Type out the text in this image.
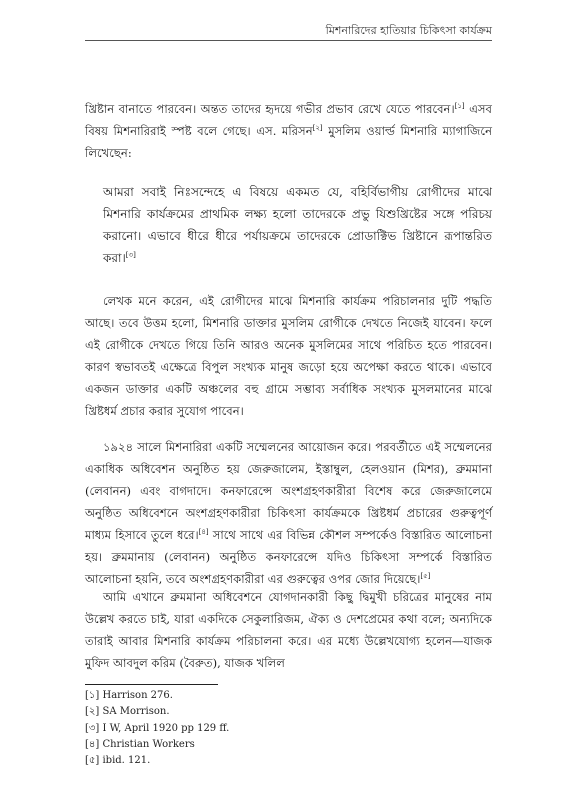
মিশনারিদের হাতিয়ার চিকিৎসা কার্যক্রম

খ্রিষ্টান বানাতে পারবেন। অন্তত তাদের হৃদয়ে গভীর প্রভাব রেখে যেতে পারবেন।[১] এসব বিষয় মিশনারিরাই স্পষ্ট বলে গেছে। এস. মরিসন[২] মুসলিম ওয়ার্ল্ড মিশনারি ম্যাগাজিনে লিখেছেন:

আমরা সবাই নিঃসন্দেহে এ বিষয়ে একমত যে, বহির্বিভাগীয় রোগীদের মাঝে মিশনারি কার্যক্রমের প্রাথমিক লক্ষ্য হলো তাদেরকে প্রভু যিশুখ্রিষ্টের সঙ্গে পরিচয় করানো। এভাবে ধীরে ধীরে পর্যায়ক্রমে তাদেরকে প্রোডাক্টিভ খ্রিষ্টানে রূপান্তরিত করা।[৩]

লেখক মনে করেন, এই রোগীদের মাঝে মিশনারি কার্যক্রম পরিচালনার দুটি পদ্ধতি আছে। তবে উত্তম হলো, মিশনারি ডাক্তার মুসলিম রোগীকে দেখতে নিজেই যাবেন। ফলে এই রোগীকে দেখতে গিয়ে তিনি আরও অনেক মুসলিমের সাথে পরিচিত হতে পারবেন। কারণ স্বভাবতই এক্ষেত্রে বিপুল সংখ্যক মানুষ জড়ো হয়ে অপেক্ষা করতে থাকে। এভাবে একজন ডাক্তার একটি অঞ্চলের বহু গ্রামে সম্ভাব্য সর্বাধিক সংখ্যক মুসলমানের মাঝে খ্রিষ্টধর্ম প্রচার করার সুযোগ পাবেন।

১৯২৪ সালে মিশনারিরা একটি সম্মেলনের আয়োজন করে। পরবর্তীতে এই সম্মেলনের একাধিক অধিবেশন অনুষ্ঠিত হয় জেরুজালেম, ইস্তাম্বুল, হেলওয়ান (মিশর), ব্রুমমানা (লেবানন) এবং বাগদাদে। কনফারেন্সে অংশগ্রহণকারীরা বিশেষ করে জেরুজালেমে অনুষ্ঠিত অধিবেশনে অংশগ্রহণকারীরা চিকিৎসা কার্যক্রমকে খ্রিষ্টধর্ম প্রচারের গুরুত্বপূর্ণ মাধ্যম হিসাবে তুলে ধরে।[৪] সাথে সাথে এর বিভিন্ন কৌশল সম্পর্কেও বিস্তারিত আলোচনা হয়। ব্রুমমানায় (লেবানন) অনুষ্ঠিত কনফারেন্সে যদিও চিকিৎসা সম্পর্কে বিস্তারিত আলোচনা হয়নি, তবে অংশগ্রহণকারীরা এর গুরুত্বের ওপর জোর দিয়েছে।[৫]

আমি এখানে ব্রুমমানা অধিবেশনে যোগদানকারী কিছু দ্বিমুখী চরিত্রের মানুষের নাম উল্লেখ করতে চাই, যারা একদিকে সেকুলারিজম, ঐক্য ও দেশপ্রেমের কথা বলে; অন্যদিকে তারাই আবার মিশনারি কার্যক্রম পরিচালনা করে। এর মধ্যে উল্লেখযোগ্য হলেন—যাজক মুফিদ আবদুল করিম (বৈরুত), যাজক খলিল

[১] Harrison 276.
[২] SA Morrison.
[৩] I W, April 1920 pp 129 ff.
[৪] Christian Workers
[৫] ibid. 121.
